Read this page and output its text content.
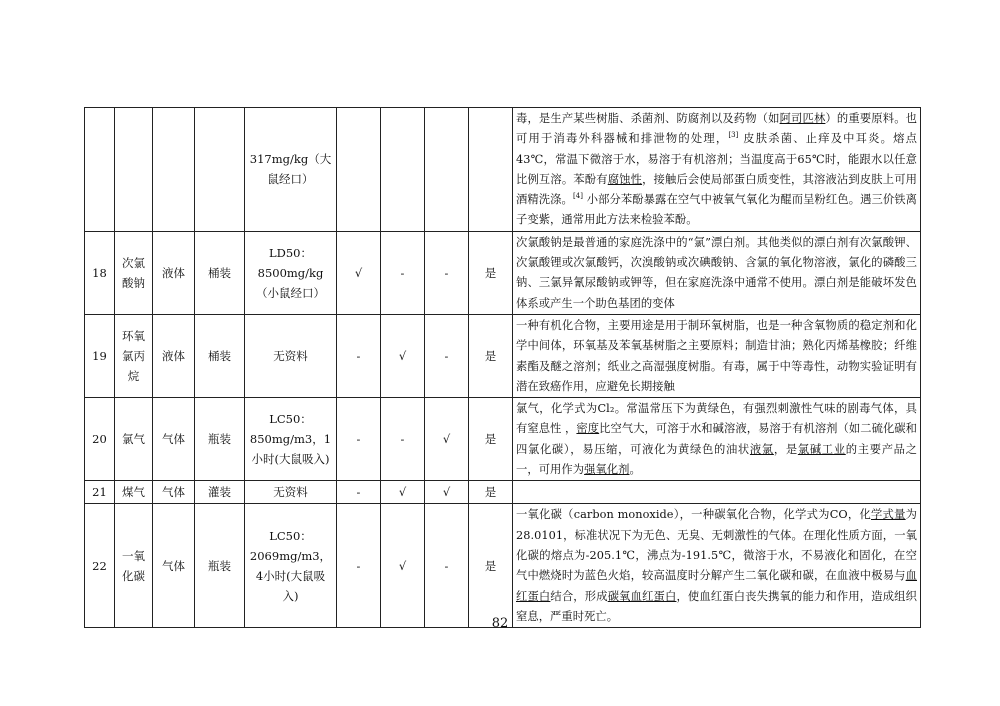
				317mg/kg（大鼠经口）					毒，是生产某些树脂、杀菌剂、防腐剂以及药物（如阿司匹林）的重要原料。也可用于消毒外科器械和排泄物的处理，[3] 皮肤杀菌、止痒及中耳炎。熔点43℃，常温下微溶于水，易溶于有机溶剂；当温度高于65℃时，能跟水以任意比例互溶。苯酚有腐蚀性，接触后会使局部蛋白质变性，其溶液沾到皮肤上可用酒精洗涤。[4] 小部分苯酚暴露在空气中被氧气氧化为醌而呈粉红色。遇三价铁离子变紫，通常用此方法来检验苯酚。
18	次氯酸钠	液体	桶装	LD50：8500mg/kg（小鼠经口）	√	-	-	是	次氯酸钠是最普通的家庭洗涤中的“氯”漂白剂。其他类似的漂白剂有次氯酸钾、次氯酸锂或次氯酸钙，次溴酸钠或次碘酸钠、含氯的氧化物溶液，氯化的磷酸三钠、三氯异氰尿酸钠或钾等，但在家庭洗涤中通常不使用。漂白剂是能破坏发色体系或产生一个助色基团的变体
19	环氧氯丙烷	液体	桶装	无资料	-	√	-	是	一种有机化合物，主要用途是用于制环氧树脂，也是一种含氧物质的稳定剂和化学中间体，环氧基及苯氧基树脂之主要原料；制造甘油；熟化丙烯基橡胶；纤维素酯及醚之溶剂；纸业之高湿强度树脂。有毒，属于中等毒性，动物实验证明有潜在致癌作用，应避免长期接触
20	氯气	气体	瓶装	LC50：850mg/m3，1小时(大鼠吸入)	-	-	√	是	氯气，化学式为Cl₂。常温常压下为黄绿色，有强烈刺激性气味的剧毒气体，具有窒息性 ，密度比空气大，可溶于水和碱溶液，易溶于有机溶剂（如二硫化碳和四氯化碳），易压缩，可液化为黄绿色的油状液氯，是氯碱工业的主要产品之一，可用作为强氧化剂。
21	煤气	气体	灌装	无资料	-	√	√	是	
22	一氧化碳	气体	瓶装	LC50：2069mg/m3，4小时(大鼠吸入)	-	√	-	是	一氧化碳（carbon monoxide），一种碳氧化合物，化学式为CO，化学式量为28.0101，标准状况下为无色、无臭、无刺激性的气体。在理化性质方面，一氧化碳的熔点为-205.1℃，沸点为-191.5℃，微溶于水，不易液化和固化，在空气中燃烧时为蓝色火焰，较高温度时分解产生二氧化碳和碳，在血液中极易与血红蛋白结合，形成碳氧血红蛋白，使血红蛋白丧失携氧的能力和作用，造成组织窒息，严重时死亡。
82
